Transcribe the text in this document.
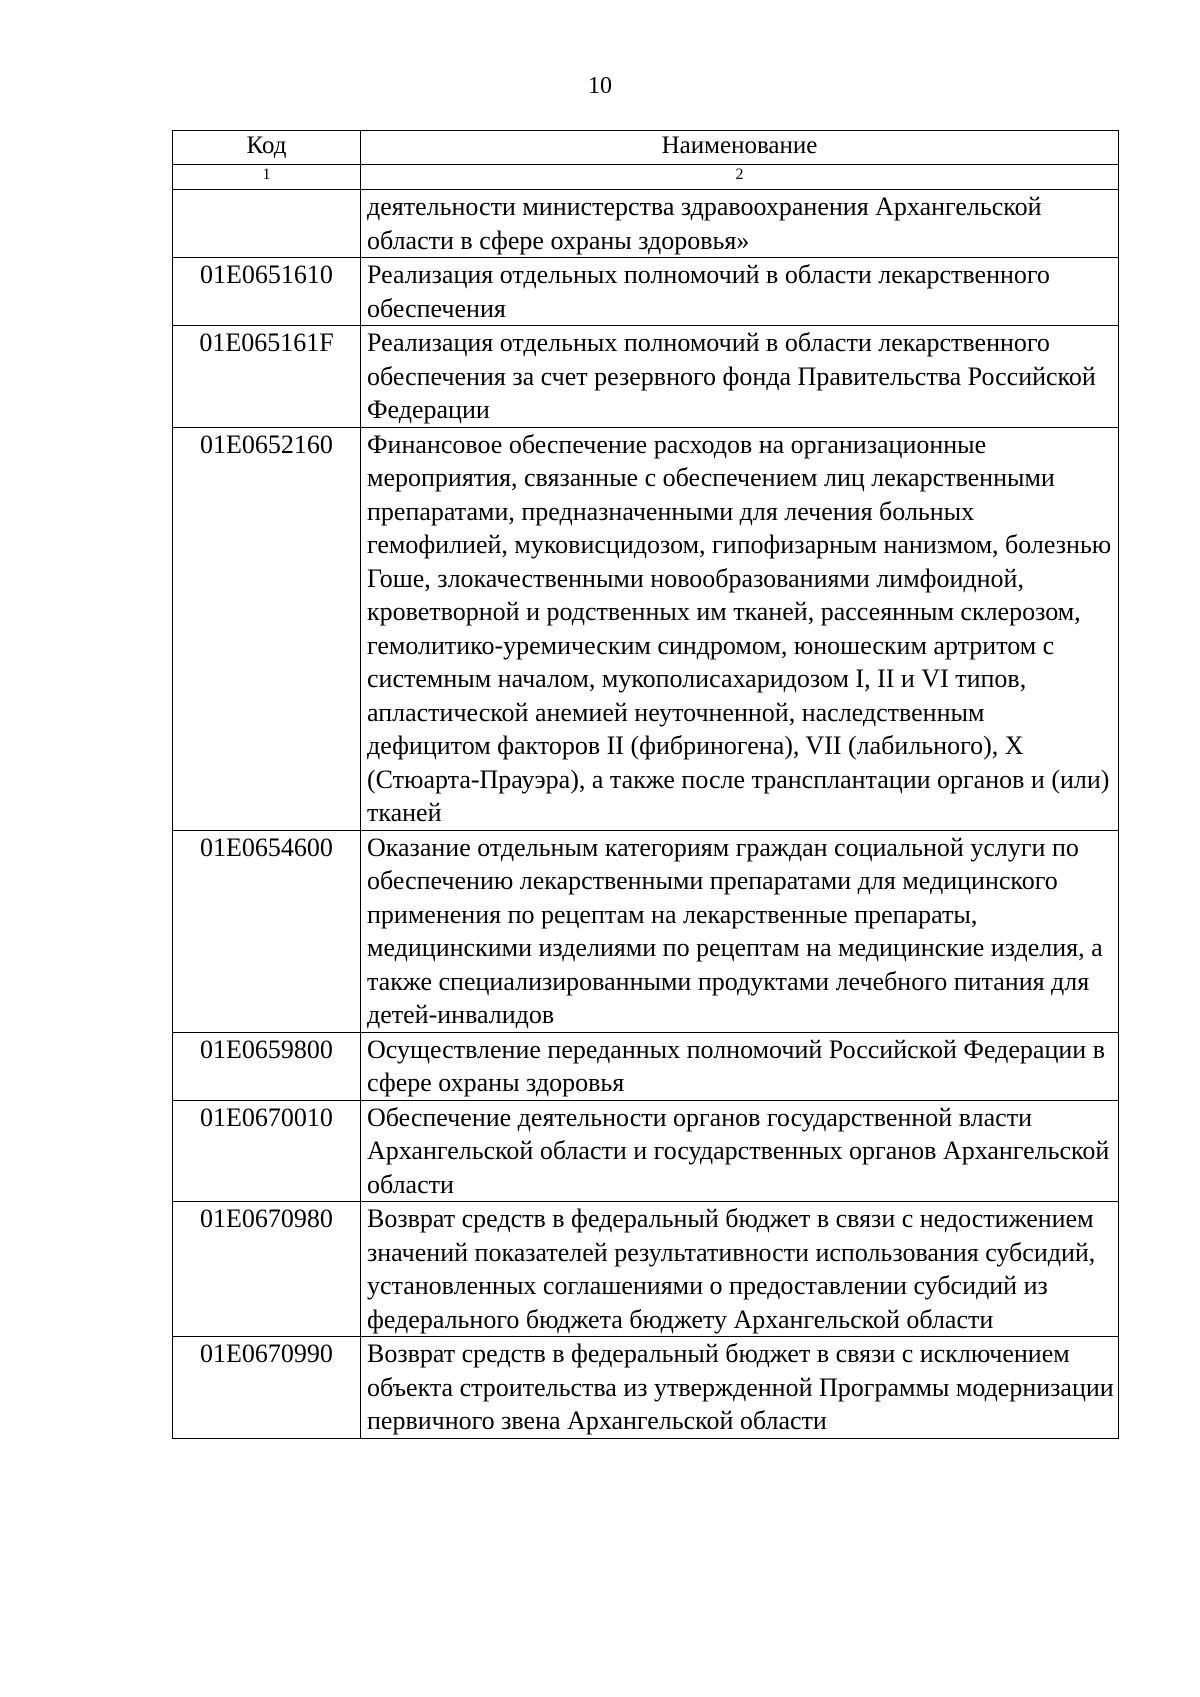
10
Код	Наименование
1	2
	деятельности министерства здравоохранения Архангельской области в сфере охраны здоровья»
01Е0651610	Реализация отдельных полномочий в области лекарственного обеспечения
01Е065161F	Реализация отдельных полномочий в области лекарственного обеспечения за счет резервного фонда Правительства Российской Федерации
01Е0652160	Финансовое обеспечение расходов на организационные мероприятия, связанные с обеспечением лиц лекарственными препаратами, предназначенными для лечения больных гемофилией, муковисцидозом, гипофизарным нанизмом, болезнью Гоше, злокачественными новообразованиями лимфоидной, кроветворной и родственных им тканей, рассеянным склерозом, гемолитико-уремическим синдромом, юношеским артритом с системным началом, мукополисахаридозом I, II и VI типов, апластической анемией неуточненной, наследственным дефицитом факторов II (фибриногена), VII (лабильного), X (Стюарта-Прауэра), а также после трансплантации органов и (или) тканей
01Е0654600	Оказание отдельным категориям граждан социальной услуги по обеспечению лекарственными препаратами для медицинского применения по рецептам на лекарственные препараты, медицинскими изделиями по рецептам на медицинские изделия, а также специализированными продуктами лечебного питания для детей-инвалидов
01Е0659800	Осуществление переданных полномочий Российской Федерации в сфере охраны здоровья
01Е0670010	Обеспечение деятельности органов государственной власти Архангельской области и государственных органов Архангельской области
01Е0670980	Возврат средств в федеральный бюджет в связи с недостижением значений показателей результативности использования субсидий, установленных соглашениями о предоставлении субсидий из федерального бюджета бюджету Архангельской области
01Е0670990	Возврат средств в федеральный бюджет в связи с исключением объекта строительства из утвержденной Программы модернизации первичного звена Архангельской области
